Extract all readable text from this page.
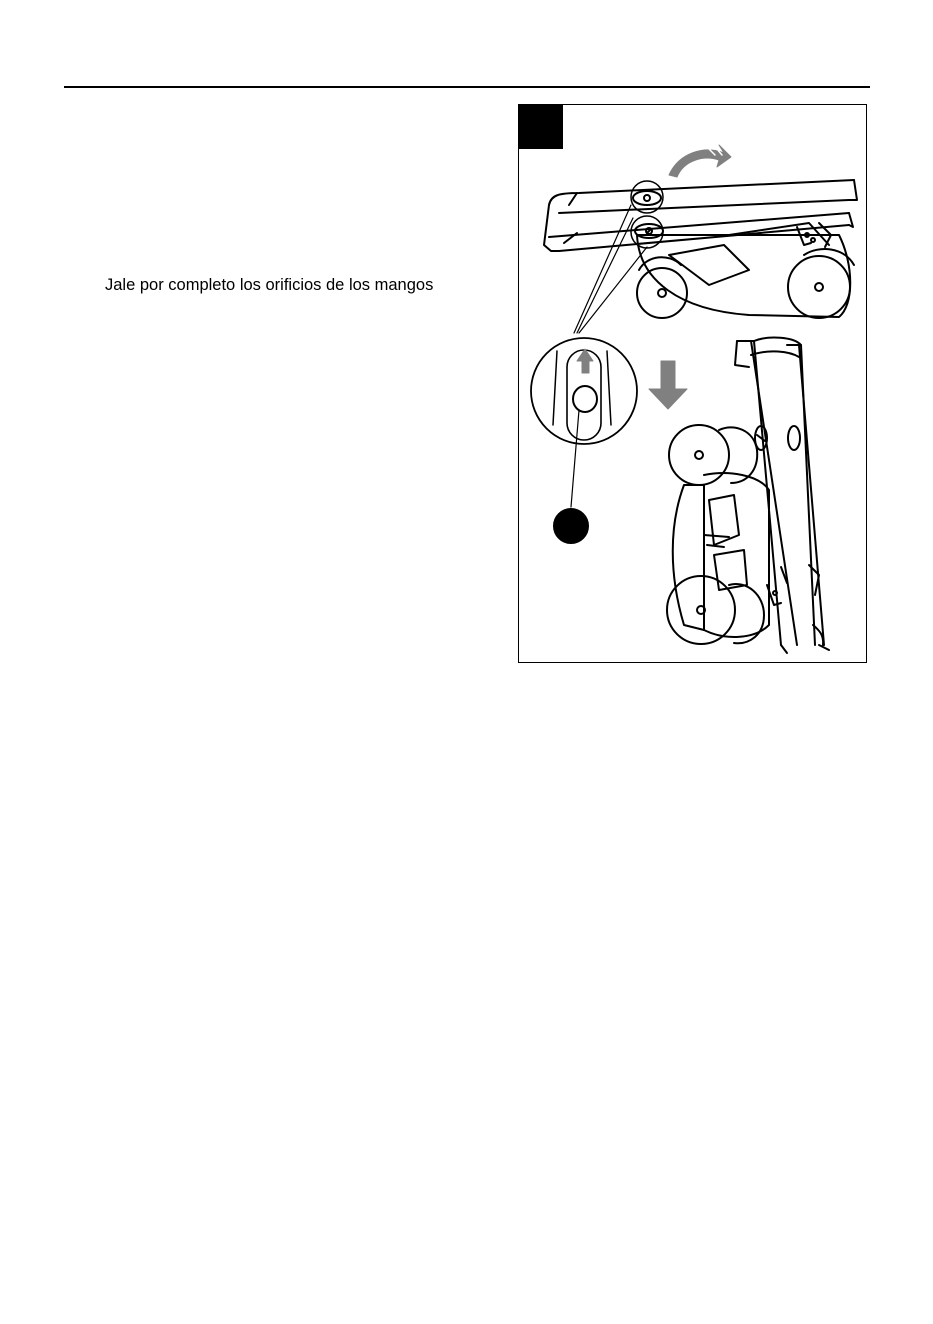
Jale por completo los orificios de los mangos
